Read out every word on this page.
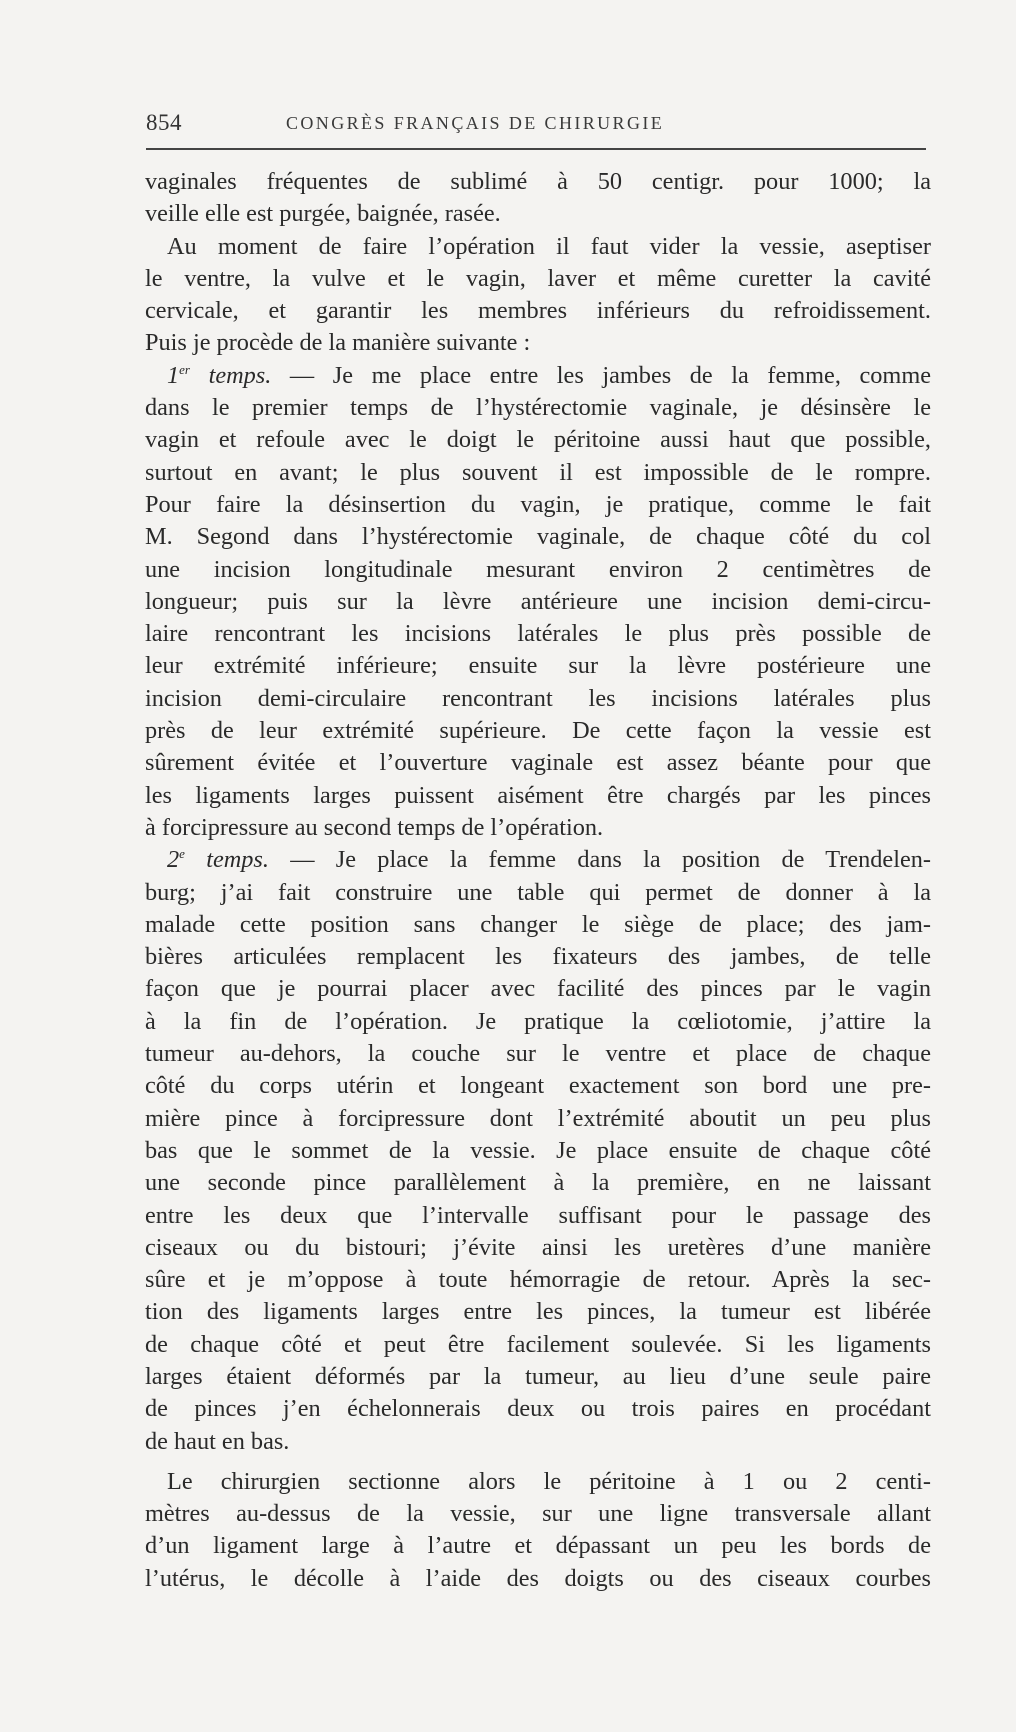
854	CONGRÈS FRANÇAIS DE CHIRURGIE
vaginales fréquentes de sublimé à 50 centigr. pour 1000; la
veille elle est purgée, baignée, rasée.
Au moment de faire l’opération il faut vider la vessie, aseptiser
le ventre, la vulve et le vagin, laver et même curetter la cavité
cervicale, et garantir les membres inférieurs du refroidissement.
Puis je procède de la manière suivante :
1er temps. — Je me place entre les jambes de la femme, comme
dans le premier temps de l’hystérectomie vaginale, je désinsère le
vagin et refoule avec le doigt le péritoine aussi haut que possible,
surtout en avant; le plus souvent il est impossible de le rompre.
Pour faire la désinsertion du vagin, je pratique, comme le fait
M. Segond dans l’hystérectomie vaginale, de chaque côté du col
une incision longitudinale mesurant environ 2 centimètres de
longueur; puis sur la lèvre antérieure une incision demi-circu-
laire rencontrant les incisions latérales le plus près possible de
leur extrémité inférieure; ensuite sur la lèvre postérieure une
incision demi-circulaire rencontrant les incisions latérales plus
près de leur extrémité supérieure. De cette façon la vessie est
sûrement évitée et l’ouverture vaginale est assez béante pour que
les ligaments larges puissent aisément être chargés par les pinces
à forcipressure au second temps de l’opération.
2e temps. — Je place la femme dans la position de Trendelen-
burg; j’ai fait construire une table qui permet de donner à la
malade cette position sans changer le siège de place; des jam-
bières articulées remplacent les fixateurs des jambes, de telle
façon que je pourrai placer avec facilité des pinces par le vagin
à la fin de l’opération. Je pratique la cœliotomie, j’attire la
tumeur au-dehors, la couche sur le ventre et place de chaque
côté du corps utérin et longeant exactement son bord une pre-
mière pince à forcipressure dont l’extrémité aboutit un peu plus
bas que le sommet de la vessie. Je place ensuite de chaque côté
une seconde pince parallèlement à la première, en ne laissant
entre les deux que l’intervalle suffisant pour le passage des
ciseaux ou du bistouri; j’évite ainsi les uretères d’une manière
sûre et je m’oppose à toute hémorragie de retour. Après la sec-
tion des ligaments larges entre les pinces, la tumeur est libérée
de chaque côté et peut être facilement soulevée. Si les ligaments
larges étaient déformés par la tumeur, au lieu d’une seule paire
de pinces j’en échelonnerais deux ou trois paires en procédant
de haut en bas.
Le chirurgien sectionne alors le péritoine à 1 ou 2 centi-
mètres au-dessus de la vessie, sur une ligne transversale allant
d’un ligament large à l’autre et dépassant un peu les bords de
l’utérus, le décolle à l’aide des doigts ou des ciseaux courbes
